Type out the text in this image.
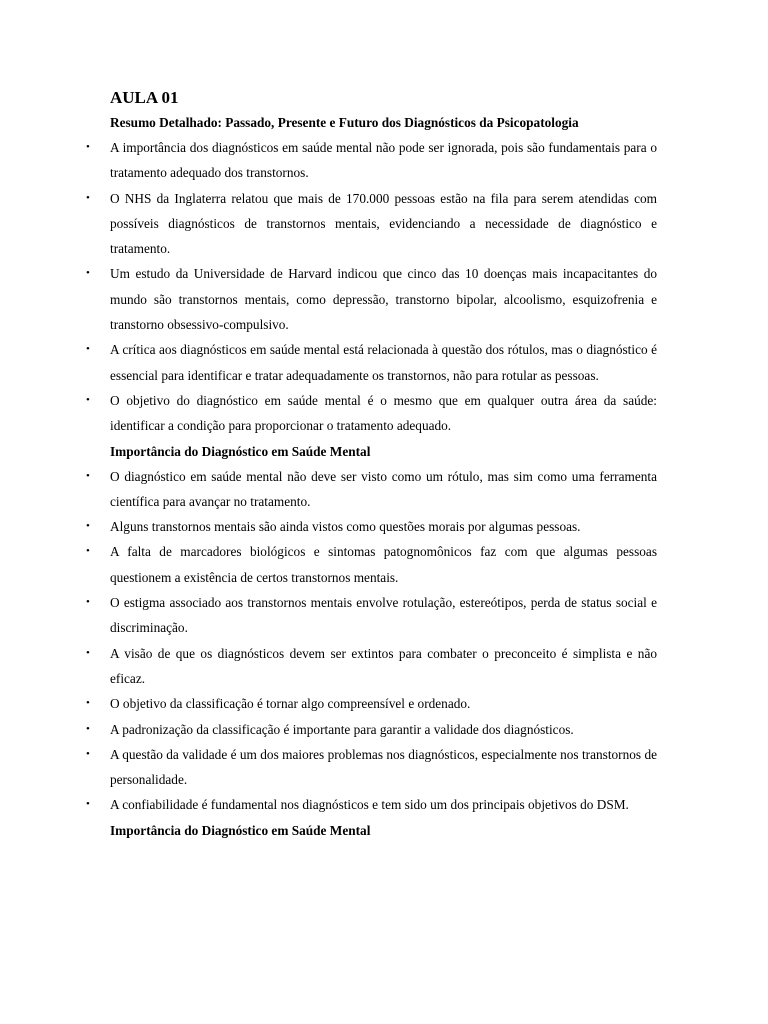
AULA 01
Resumo Detalhado: Passado, Presente e Futuro dos Diagnósticos da Psicopatologia
• A importância dos diagnósticos em saúde mental não pode ser ignorada, pois são fundamentais para o tratamento adequado dos transtornos.
• O NHS da Inglaterra relatou que mais de 170.000 pessoas estão na fila para serem atendidas com possíveis diagnósticos de transtornos mentais, evidenciando a necessidade de diagnóstico e tratamento.
• Um estudo da Universidade de Harvard indicou que cinco das 10 doenças mais incapacitantes do mundo são transtornos mentais, como depressão, transtorno bipolar, alcoolismo, esquizofrenia e transtorno obsessivo-compulsivo.
• A crítica aos diagnósticos em saúde mental está relacionada à questão dos rótulos, mas o diagnóstico é essencial para identificar e tratar adequadamente os transtornos, não para rotular as pessoas.
• O objetivo do diagnóstico em saúde mental é o mesmo que em qualquer outra área da saúde: identificar a condição para proporcionar o tratamento adequado.
Importância do Diagnóstico em Saúde Mental
• O diagnóstico em saúde mental não deve ser visto como um rótulo, mas sim como uma ferramenta científica para avançar no tratamento.
• Alguns transtornos mentais são ainda vistos como questões morais por algumas pessoas.
• A falta de marcadores biológicos e sintomas patognomônicos faz com que algumas pessoas questionem a existência de certos transtornos mentais.
• O estigma associado aos transtornos mentais envolve rotulação, estereótipos, perda de status social e discriminação.
• A visão de que os diagnósticos devem ser extintos para combater o preconceito é simplista e não eficaz.
• O objetivo da classificação é tornar algo compreensível e ordenado.
• A padronização da classificação é importante para garantir a validade dos diagnósticos.
• A questão da validade é um dos maiores problemas nos diagnósticos, especialmente nos transtornos de personalidade.
• A confiabilidade é fundamental nos diagnósticos e tem sido um dos principais objetivos do DSM.
Importância do Diagnóstico em Saúde Mental
